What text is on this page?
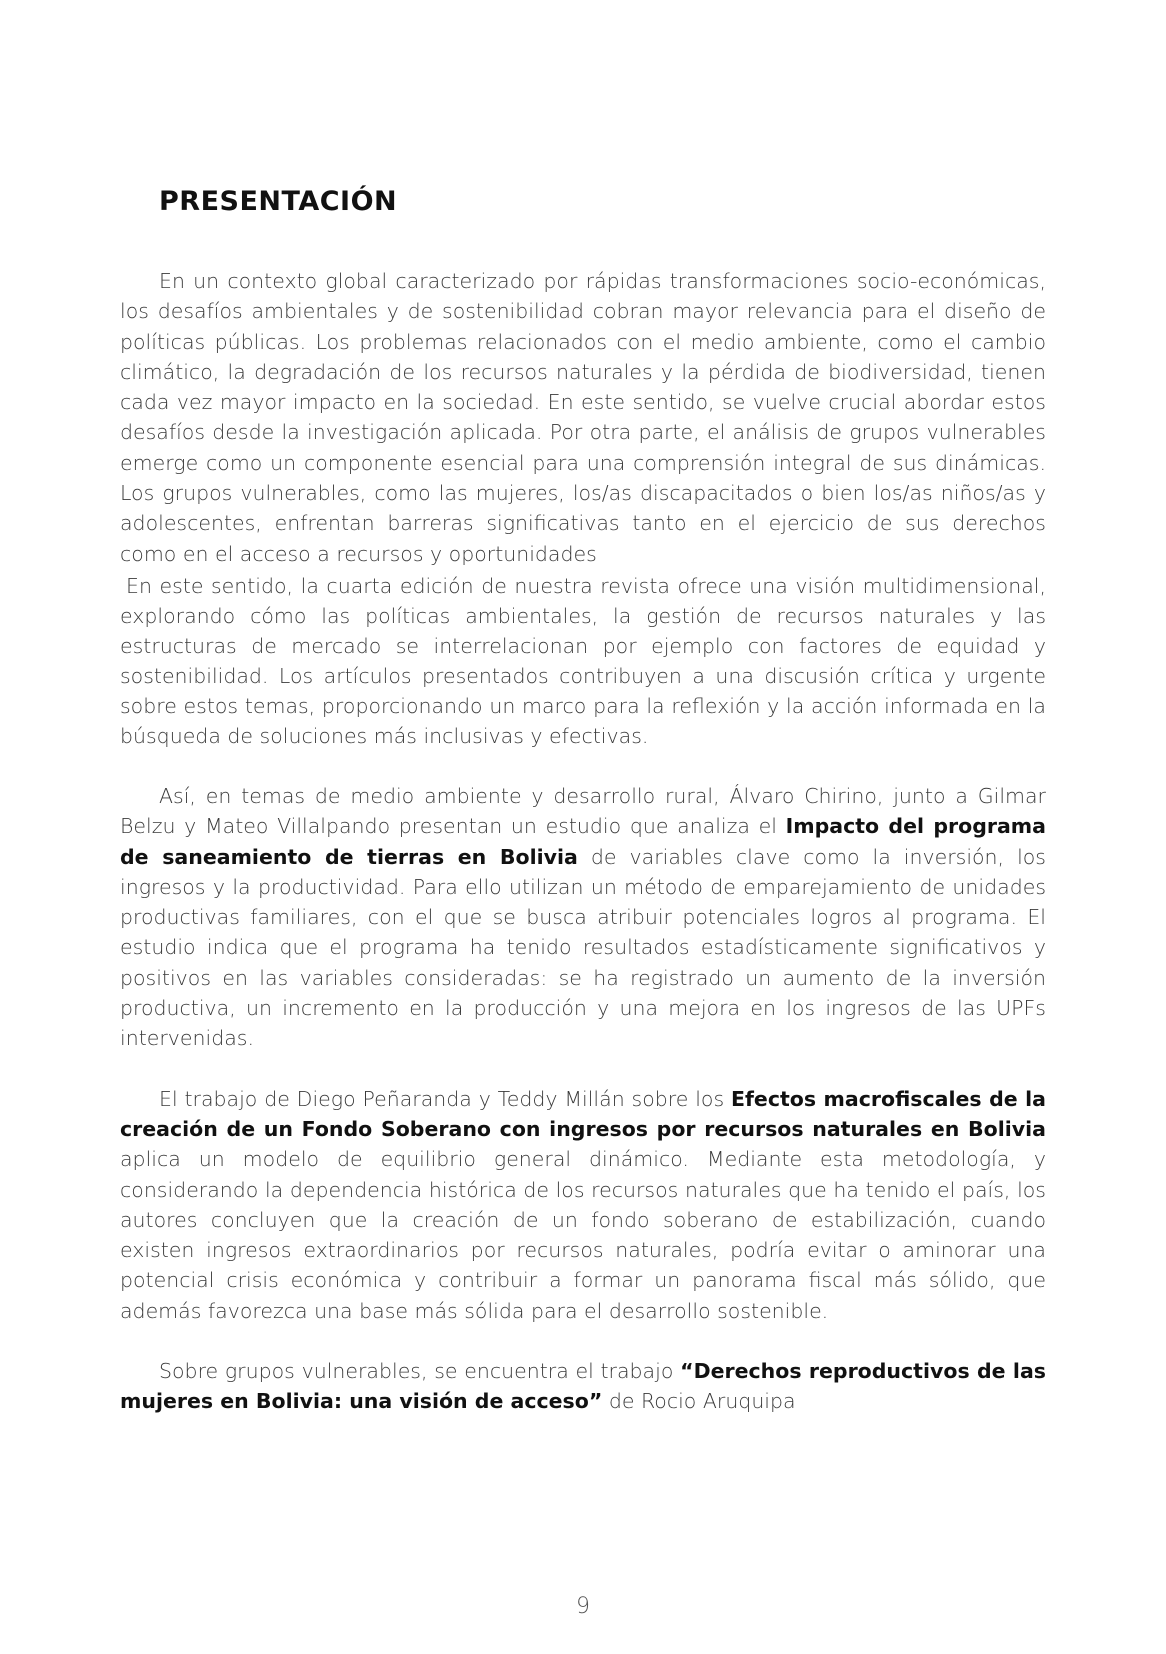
PRESENTACIÓN

En un contexto global caracterizado por rápidas transformaciones socio-económicas, los desafíos ambientales y de sostenibilidad cobran mayor relevancia para el diseño de políticas públicas. Los problemas relacionados con el medio ambiente, como el cambio climático, la degradación de los recursos naturales y la pérdida de biodiversidad, tienen cada vez mayor impacto en la sociedad. En este sentido, se vuelve crucial abordar estos desafíos desde la investigación aplicada. Por otra parte, el análisis de grupos vulnerables emerge como un componente esencial para una comprensión integral de sus dinámicas. Los grupos vulnerables, como las mujeres, los/as discapacitados o bien los/as niños/as y adolescentes, enfrentan barreras significativas tanto en el ejercicio de sus derechos como en el acceso a recursos y oportunidades

En este sentido, la cuarta edición de nuestra revista ofrece una visión multidimensional, explorando cómo las políticas ambientales, la gestión de recursos naturales y las estructuras de mercado se interrelacionan por ejemplo con factores de equidad y sostenibilidad. Los artículos presentados contribuyen a una discusión crítica y urgente sobre estos temas, proporcionando un marco para la reflexión y la acción informada en la búsqueda de soluciones más inclusivas y efectivas.

Así, en temas de medio ambiente y desarrollo rural, Álvaro Chirino, junto a Gilmar Belzu y Mateo Villalpando presentan un estudio que analiza el Impacto del programa de saneamiento de tierras en Bolivia de variables clave como la inversión, los ingresos y la productividad. Para ello utilizan un método de emparejamiento de unidades productivas familiares, con el que se busca atribuir potenciales logros al programa. El estudio indica que el programa ha tenido resultados estadísticamente significativos y positivos en las variables consideradas: se ha registrado un aumento de la inversión productiva, un incremento en la producción y una mejora en los ingresos de las UPFs intervenidas.

El trabajo de Diego Peñaranda y Teddy Millán sobre los Efectos macrofiscales de la creación de un Fondo Soberano con ingresos por recursos naturales en Bolivia aplica un modelo de equilibrio general dinámico. Mediante esta metodología, y considerando la dependencia histórica de los recursos naturales que ha tenido el país, los autores concluyen que la creación de un fondo soberano de estabilización, cuando existen ingresos extraordinarios por recursos naturales, podría evitar o aminorar una potencial crisis económica y contribuir a formar un panorama fiscal más sólido, que además favorezca una base más sólida para el desarrollo sostenible.

Sobre grupos vulnerables, se encuentra el trabajo “Derechos reproductivos de las mujeres en Bolivia: una visión de acceso” de Rocio Aruquipa

9
